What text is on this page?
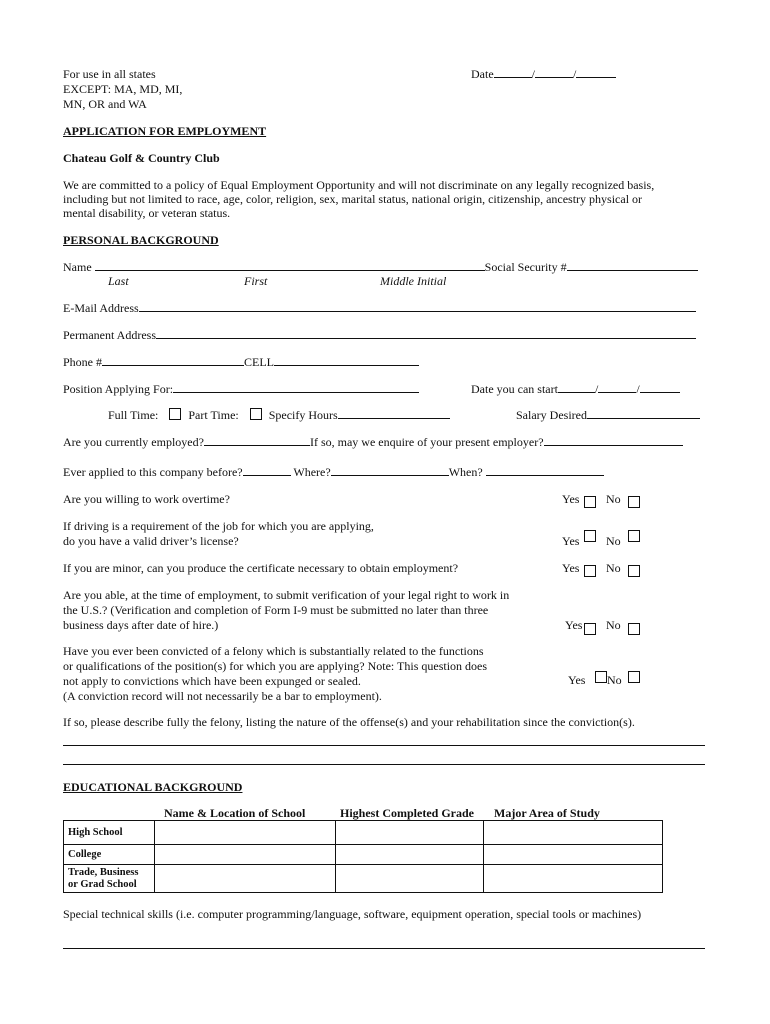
For use in all states
EXCEPT: MA, MD, MI,
MN, OR and WA
Date	/	/
APPLICATION FOR EMPLOYMENT
Chateau Golf & Country Club
We are committed to a policy of Equal Employment Opportunity and will not discriminate on any legally recognized basis,
including but not limited to race, age, color, religion, sex, marital status, national origin, citizenship, ancestry physical or
mental disability, or veteran status.
PERSONAL BACKGROUND
Name	Social Security #
Last	First	Middle Initial
E-Mail Address
Permanent Address
Phone #	CELL
Position Applying For:	Date you can start	/	/
Full Time:	Part Time:	Specify Hours	Salary Desired
Are you currently employed?	If so, may we enquire of your present employer?
Ever applied to this company before?	Where?	When?
Are you willing to work overtime?	Yes No
If driving is a requirement of the job for which you are applying,
do you have a valid driver’s license?	Yes No
If you are minor, can you produce the certificate necessary to obtain employment?	Yes No
Are you able, at the time of employment, to submit verification of your legal right to work in
the U.S.? (Verification and completion of Form I-9 must be submitted no later than three
business days after date of hire.)	Yes No
Have you ever been convicted of a felony which is substantially related to the functions
or qualifications of the position(s) for which you are applying? Note: This question does
not apply to convictions which have been expunged or sealed.
(A conviction record will not necessarily be a bar to employment).
Yes No
If so, please describe fully the felony, listing the nature of the offense(s) and your rehabilitation since the conviction(s).
EDUCATIONAL BACKGROUND
Name & Location of School	Highest Completed Grade Major Area of Study
High School			
College			
Trade, Business
or Grad School			
Special technical skills (i.e. computer programming/language, software, equipment operation, special tools or machines)
